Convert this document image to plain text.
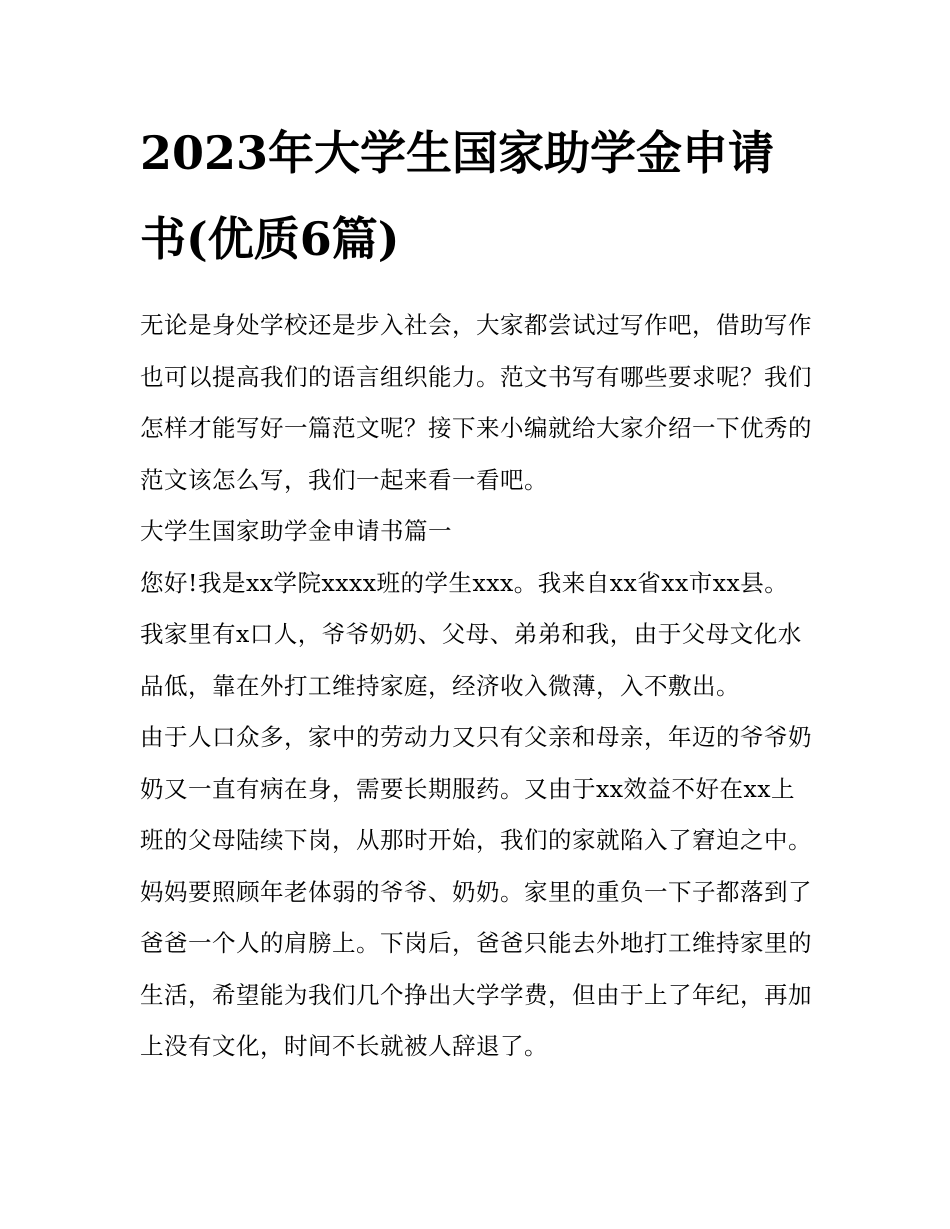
2023年大学生国家助学金申请书(优质6篇)

无论是身处学校还是步入社会，大家都尝试过写作吧，借助写作也可以提高我们的语言组织能力。范文书写有哪些要求呢？我们怎样才能写好一篇范文呢？接下来小编就给大家介绍一下优秀的范文该怎么写，我们一起来看一看吧。

大学生国家助学金申请书篇一

您好!我是xx学院xxxx班的学生xxx。我来自xx省xx市xx县。我家里有x口人，爷爷奶奶、父母、弟弟和我，由于父母文化水品低，靠在外打工维持家庭，经济收入微薄，入不敷出。

由于人口众多，家中的劳动力又只有父亲和母亲，年迈的爷爷奶奶又一直有病在身，需要长期服药。又由于xx效益不好在xx上班的父母陆续下岗，从那时开始，我们的家就陷入了窘迫之中。妈妈要照顾年老体弱的爷爷、奶奶。家里的重负一下子都落到了爸爸一个人的肩膀上。下岗后，爸爸只能去外地打工维持家里的生活，希望能为我们几个挣出大学学费，但由于上了年纪，再加上没有文化，时间不长就被人辞退了。
